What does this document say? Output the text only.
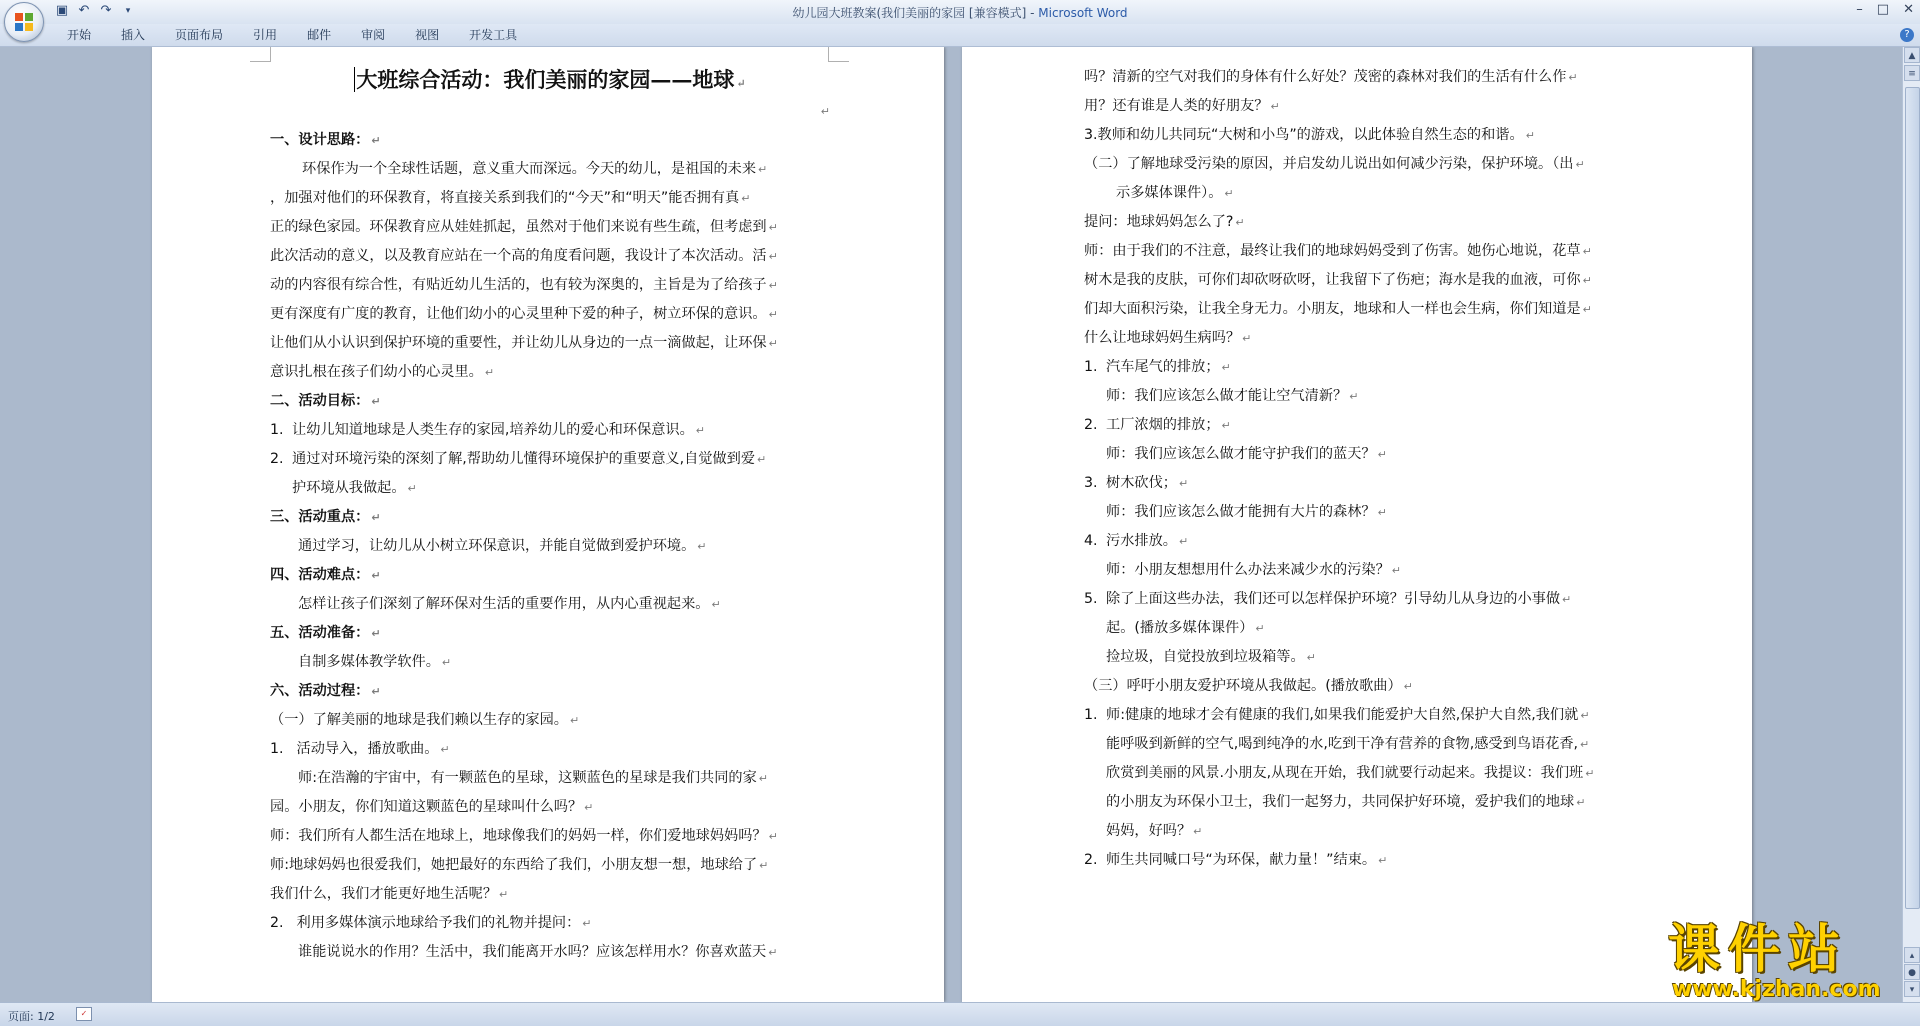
▣ ↶ ↷	▾	幼儿园大班教案(我们美丽的家园 [兼容模式] - Microsoft Word	– □ ✕
开始	插入	页面布局	引用	邮件	审阅	视图	开发工具	?
大班综合活动：我们美丽的家园——地球 ↵
↵
一、设计思路： ↵
环保作为一个全球性话题，意义重大而深远。今天的幼儿，是祖国的未来 ↵
，加强对他们的环保教育，将直接关系到我们的“今天”和“明天”能否拥有真 ↵
正的绿色家园。环保教育应从娃娃抓起，虽然对于他们来说有些生疏，但考虑到 ↵
此次活动的意义，以及教育应站在一个高的角度看问题，我设计了本次活动。活 ↵
动的内容很有综合性，有贴近幼儿生活的，也有较为深奥的，主旨是为了给孩子 ↵
更有深度有广度的教育，让他们幼小的心灵里种下爱的种子，树立环保的意识。 ↵
让他们从小认识到保护环境的重要性，并让幼儿从身边的一点一滴做起，让环保 ↵
意识扎根在孩子们幼小的心灵里。 ↵
二、活动目标： ↵
1. 让幼儿知道地球是人类生存的家园,培养幼儿的爱心和环保意识。 ↵
2. 通过对环境污染的深刻了解,帮助幼儿懂得环境保护的重要意义,自觉做到爱 ↵
护环境从我做起。 ↵
三、活动重点： ↵
通过学习，让幼儿从小树立环保意识，并能自觉做到爱护环境。 ↵
四、活动难点： ↵
怎样让孩子们深刻了解环保对生活的重要作用，从内心重视起来。 ↵
五、活动准备： ↵
自制多媒体教学软件。 ↵
六、活动过程： ↵
（一）了解美丽的地球是我们赖以生存的家园。 ↵
1. 活动导入，播放歌曲。 ↵
师:在浩瀚的宇宙中，有一颗蓝色的星球，这颗蓝色的星球是我们共同的家 ↵
园。小朋友，你们知道这颗蓝色的星球叫什么吗？ ↵
师：我们所有人都生活在地球上，地球像我们的妈妈一样，你们爱地球妈妈吗？ ↵
师:地球妈妈也很爱我们，她把最好的东西给了我们，小朋友想一想，地球给了 ↵
我们什么，我们才能更好地生活呢？ ↵
2. 利用多媒体演示地球给予我们的礼物并提问： ↵
谁能说说水的作用？生活中，我们能离开水吗？应该怎样用水？你喜欢蓝天 ↵
吗？清新的空气对我们的身体有什么好处？茂密的森林对我们的生活有什么作 ↵
用？还有谁是人类的好朋友？ ↵
3.教师和幼儿共同玩“大树和小鸟”的游戏，以此体验自然生态的和谐。 ↵
（二）了解地球受污染的原因，并启发幼儿说出如何减少污染，保护环境。（出 ↵
示多媒体课件）。 ↵
提问：地球妈妈怎么了? ↵
师：由于我们的不注意，最终让我们的地球妈妈受到了伤害。她伤心地说，花草 ↵
树木是我的皮肤，可你们却砍呀砍呀，让我留下了伤疤；海水是我的血液，可你 ↵
们却大面积污染，让我全身无力。小朋友，地球和人一样也会生病，你们知道是 ↵
什么让地球妈妈生病吗？ ↵
1. 汽车尾气的排放； ↵
师：我们应该怎么做才能让空气清新？ ↵
2. 工厂浓烟的排放； ↵
师：我们应该怎么做才能守护我们的蓝天？ ↵
3. 树木砍伐； ↵
师：我们应该怎么做才能拥有大片的森林？ ↵
4. 污水排放。 ↵
师：小朋友想想用什么办法来减少水的污染？ ↵
5. 除了上面这些办法，我们还可以怎样保护环境？引导幼儿从身边的小事做 ↵
起。(播放多媒体课件） ↵
捡垃圾，自觉投放到垃圾箱等。 ↵
（三）呼吁小朋友爱护环境从我做起。(播放歌曲） ↵
1. 师:健康的地球才会有健康的我们,如果我们能爱护大自然,保护大自然,我们就 ↵
能呼吸到新鲜的空气,喝到纯净的水,吃到干净有营养的食物,感受到鸟语花香, ↵
欣赏到美丽的风景.小朋友,从现在开始，我们就要行动起来。我提议：我们班 ↵
的小朋友为环保小卫士，我们一起努力，共同保护好环境，爱护我们的地球 ↵
妈妈，好吗？ ↵
2. 师生共同喊口号“为环保，献力量！”结束。 ↵
▲
≡
▴
●
▾
页面: 1/2	✓
课件站
www.kjzhan.com
